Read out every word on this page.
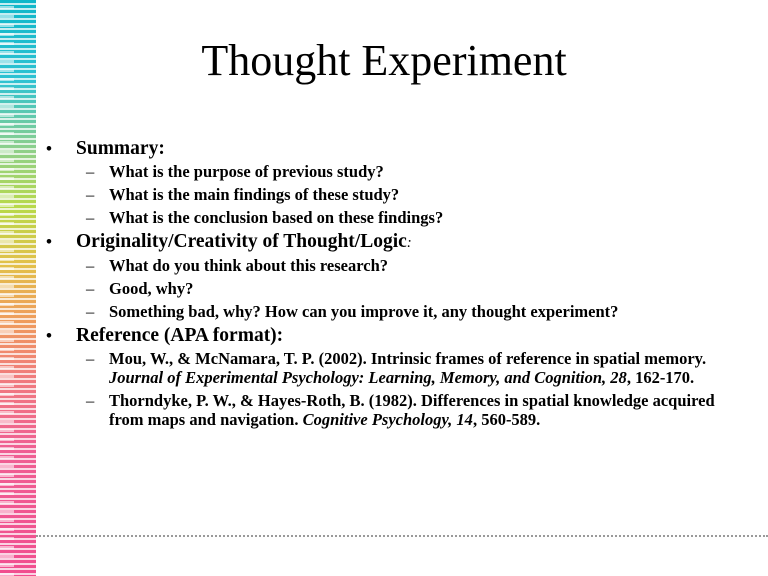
Thought Experiment
• Summary:
– What is the purpose of previous study?
– What is the main findings of these study?
– What is the conclusion based on these findings?
• Originality/Creativity of Thought/Logic:
– What do you think about this research?
– Good, why?
– Something bad, why? How can you improve it, any thought experiment?
• Reference (APA format):
– Mou, W., & McNamara, T. P. (2002). Intrinsic frames of reference in spatial memory. Journal of Experimental Psychology: Learning, Memory, and Cognition, 28, 162-170.
– Thorndyke, P. W., & Hayes-Roth, B. (1982). Differences in spatial knowledge acquired from maps and navigation. Cognitive Psychology, 14, 560-589.
